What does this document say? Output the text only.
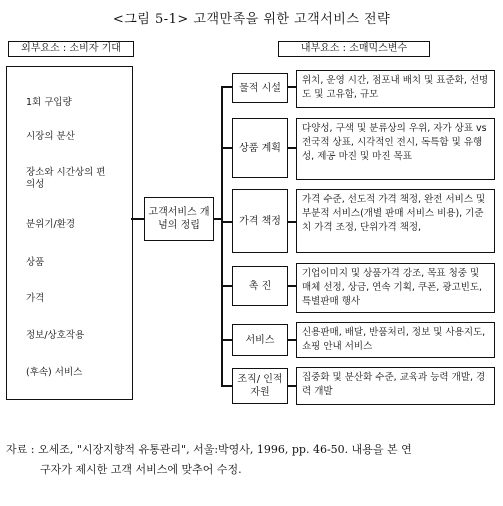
<그림 5-1> 고객만족을 위한 고객서비스 전략
외부요소 : 소비자 기대
1회 구입량
시장의 분산
장소와 시간상의 편의성
분위기/환경
상품
가격
정보/상호작용
(후속) 서비스
고객서비스 개념의 정립
내부요소 : 소매믹스변수
물적 시설
위치, 운영 시간, 점포내 배치 및 표준화, 선명도 및 고유함, 규모
상품 계획
다양성, 구색 및 분류상의 우위, 자가 상표 vs 전국적 상표, 시각적인 전시, 독특함 및 유행성, 제공 마진 및 마진 목표
가격 책정
가격 수준, 선도적 가격 책정, 완전 서비스 및 부분적 서비스(개별 판매 서비스 비용), 기준치 가격 조정, 단위가격 책정,
촉 진
기업이미지 및 상품가격 강조, 목표 청중 및 매체 선정, 상금, 연속 기획, 쿠폰, 광고빈도, 특별판매 행사
서비스
신용판매, 배달, 반품처리, 정보 및 사용지도, 쇼핑 안내 서비스
조직/ 인적자원
집중화 및 분산화 수준, 교육과 능력 개발, 경력 개발
자료 : 오세조, "시장지향적 유통관리", 서울:박영사, 1996, pp. 46-50. 내용을 본 연
구자가 제시한 고객 서비스에 맞추어 수정.
